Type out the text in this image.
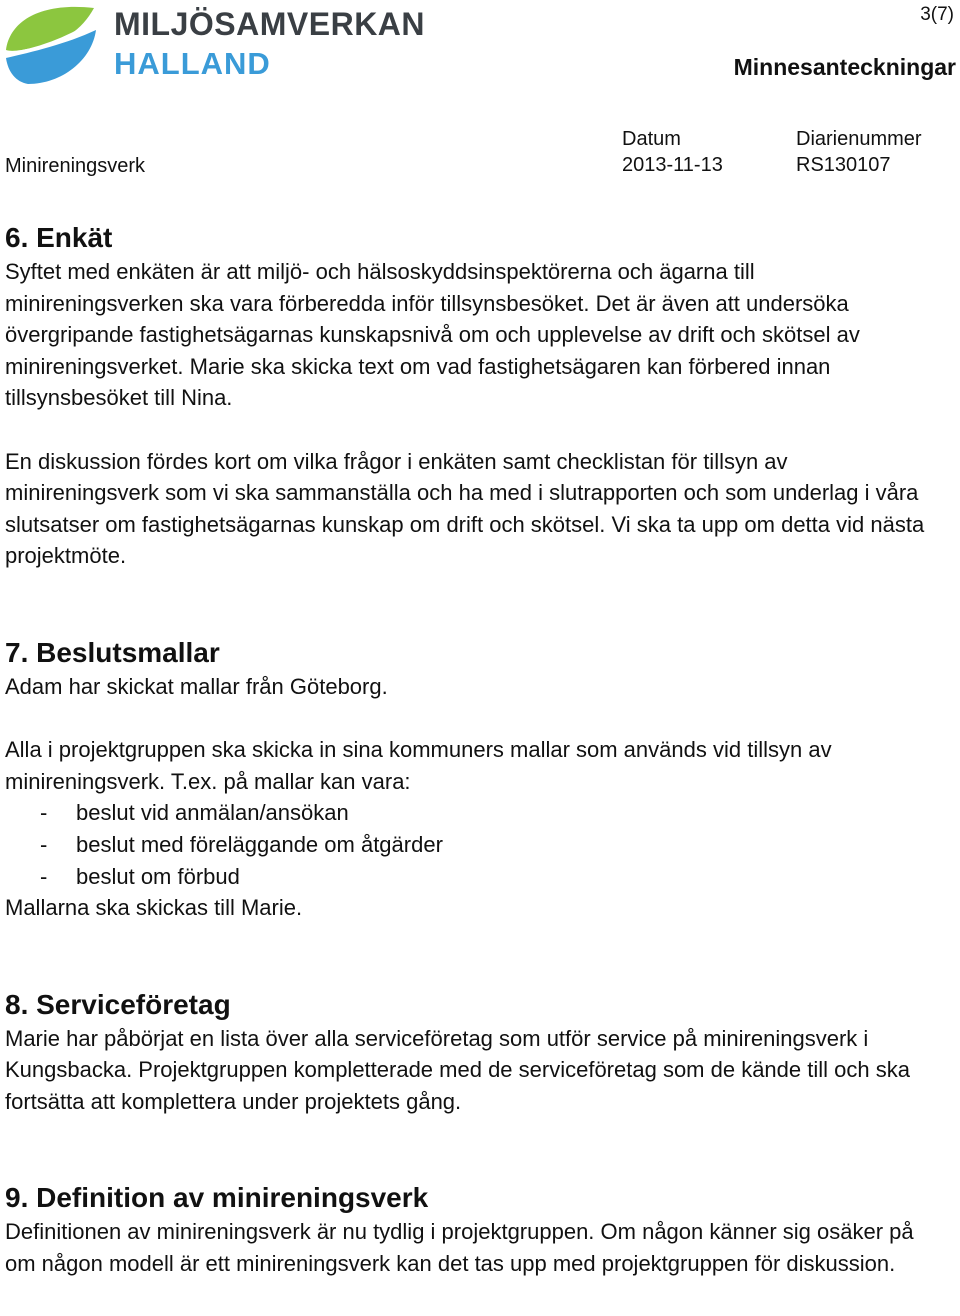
MILJÖSAMVERKAN
HALLAND
3(7)
Minnesanteckningar
Minireningsverk
Datum
2013-11-13
Diarienummer
RS130107
6. Enkät

Syftet med enkäten är att miljö- och hälsoskyddsinspektörerna och ägarna till minireningsverken ska vara förberedda inför tillsynsbesöket. Det är även att undersöka övergripande fastighetsägarnas kunskapsnivå om och upplevelse av drift och skötsel av minireningsverket. Marie ska skicka text om vad fastighetsägaren kan förbered innan tillsynsbesöket till Nina.

En diskussion fördes kort om vilka frågor i enkäten samt checklistan för tillsyn av minireningsverk som vi ska sammanställa och ha med i slutrapporten och som underlag i våra slutsatser om fastighetsägarnas kunskap om drift och skötsel. Vi ska ta upp om detta vid nästa projektmöte.

7. Beslutsmallar

Adam har skickat mallar från Göteborg.

Alla i projektgruppen ska skicka in sina kommuners mallar som används vid tillsyn av minireningsverk. T.ex. på mallar kan vara:

- beslut vid anmälan/ansökan
- beslut med föreläggande om åtgärder
- beslut om förbud

Mallarna ska skickas till Marie.

8. Serviceföretag

Marie har påbörjat en lista över alla serviceföretag som utför service på minireningsverk i Kungsbacka. Projektgruppen kompletterade med de serviceföretag som de kände till och ska fortsätta att komplettera under projektets gång.

9. Definition av minireningsverk

Definitionen av minireningsverk är nu tydlig i projektgruppen. Om någon känner sig osäker på om någon modell är ett minireningsverk kan det tas upp med projektgruppen för diskussion.
